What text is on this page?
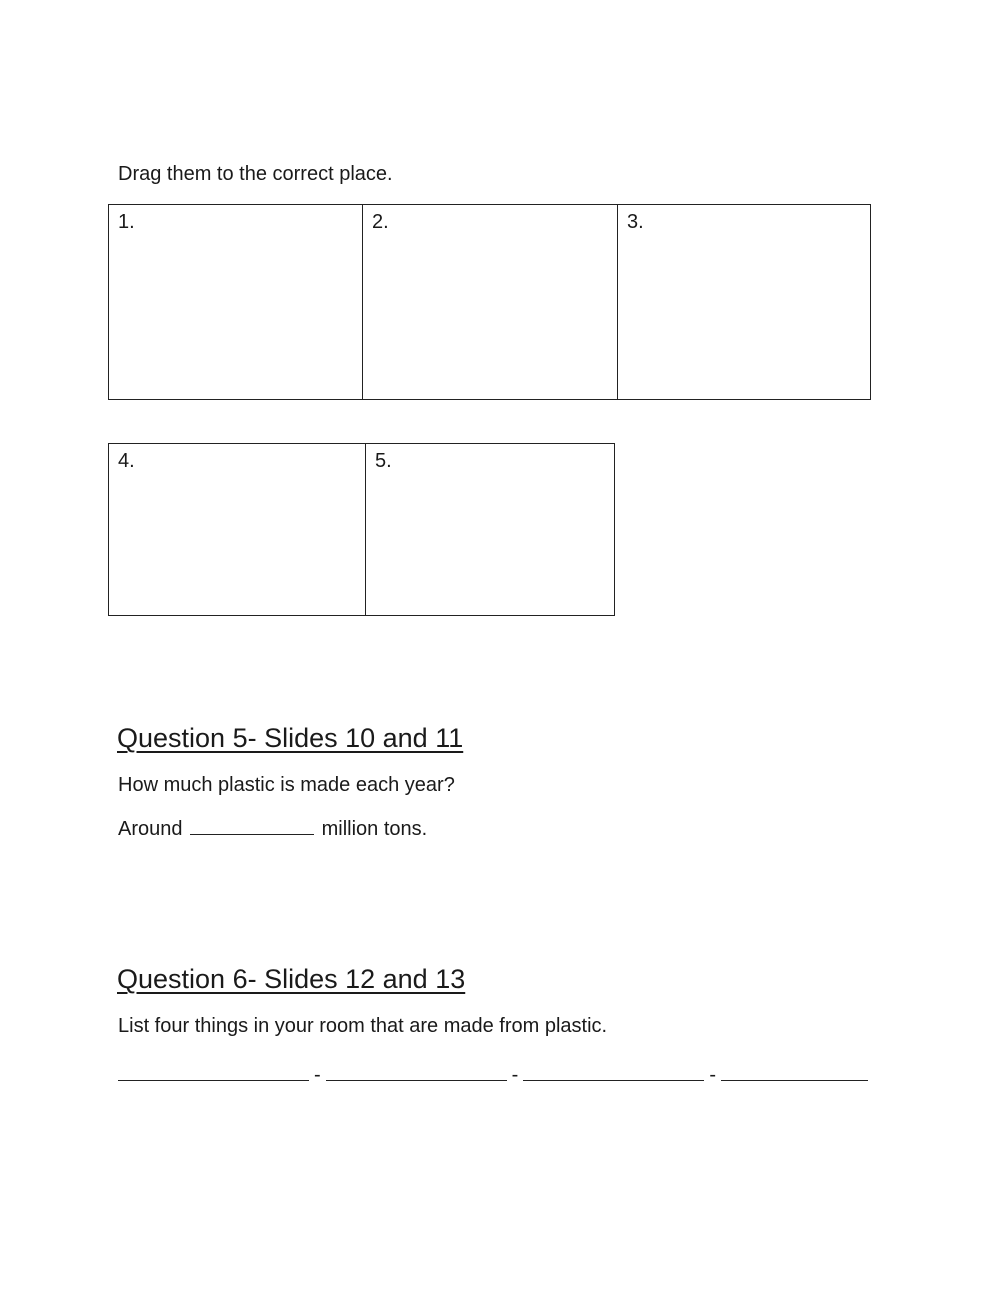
Drag them to the correct place.
1.	2.	3.
4.	5.
Question 5- Slides 10 and 11
How much plastic is made each year?
Around	million tons.
Question 6- Slides 12 and 13
List four things in your room that are made from plastic.
-	-	-
